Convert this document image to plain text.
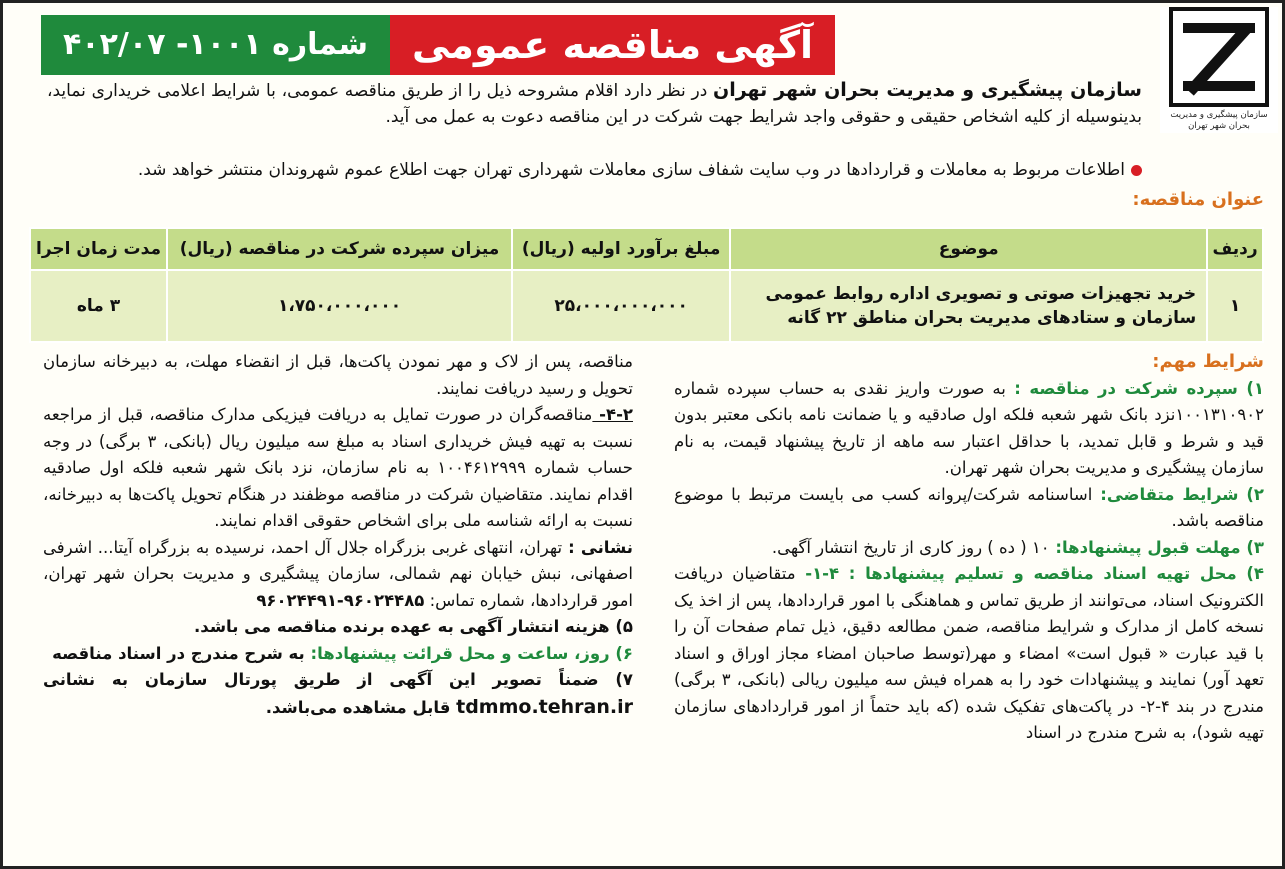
آگهی مناقصه عمومی
شماره ۱۰۰۱- ۴۰۲/۰۷
سازمان پیشگیری و مدیریت بحران شهر تهران
سازمان پیشگیری و مدیریت بحران شهر تهران در نظر دارد اقلام مشروحه ذیل را از طریق مناقصه عمومی، با شرایط اعلامی خریداری نماید، بدینوسیله از کلیه اشخاص حقیقی و حقوقی واجد شرایط جهت شرکت در این مناقصه دعوت به عمل می آید.
اطلاعات مربوط به معاملات و قراردادها در وب سایت شفاف سازی معاملات شهرداری تهران جهت اطلاع عموم شهروندان منتشر خواهد شد.
عنوان مناقصه:
ردیف	موضوع	مبلغ برآورد اولیه (ریال)	میزان سپرده شرکت در مناقصه (ریال)	مدت زمان اجرا
۱	خرید تجهیزات صوتی و تصویری اداره روابط عمومی
سازمان و ستادهای مدیریت بحران مناطق ۲۲ گانه	۲۵،۰۰۰،۰۰۰،۰۰۰	۱،۷۵۰،۰۰۰،۰۰۰	۳ ماه
شرایط مهم:
۱) سپرده شرکت در مناقصه : به صورت واریز نقدی به حساب سپرده شماره ۱۰۰۱۳۱۰۹۰۲نزد بانک شهر شعبه فلکه اول صادقیه و یا ضمانت نامه بانکی معتبر بدون قید و شرط و قابل تمدید، با حداقل اعتبار سه ماهه از تاریخ پیشنهاد قیمت، به نام سازمان پیشگیری و مدیریت بحران شهر تهران.
۲) شرایط متقاضی: اساسنامه شرکت/پروانه کسب می بایست مرتبط با موضوع مناقصه باشد.
۳) مهلت قبول پیشنهادها: ۱۰ ( ده ) روز کاری از تاریخ انتشار آگهی.
۴) محل تهیه اسناد مناقصه و تسلیم پیشنهادها : ۴-۱- متقاضیان دریافت الکترونیک اسناد، می‌توانند از طریق تماس و هماهنگی با امور قراردادها، پس از اخذ یک نسخه کامل از مدارک و شرایط مناقصه، ضمن مطالعه دقیق، ذیل تمام صفحات آن را با قید عبارت « قبول است» امضاء و مهر(توسط صاحبان امضاء مجاز اوراق و اسناد تعهد آور) نمایند و پیشنهادات خود را به همراه فیش سه میلیون ریالی (بانکی، ۳ برگی) مندرج در بند ۴-۲- در پاکت‌های تفکیک شده (که باید حتماً از امور قراردادهای سازمان تهیه شود)، به شرح مندرج در اسناد
مناقصه، پس از لاک و مهر نمودن پاکت‌ها، قبل از انقضاء مهلت، به دبیرخانه سازمان تحویل و رسید دریافت نمایند.
۴-۲- مناقصه‌گران در صورت تمایل به دریافت فیزیکی مدارک مناقصه، قبل از مراجعه نسبت به تهیه فیش خریداری اسناد به مبلغ سه میلیون ریال (بانکی، ۳ برگی) در وجه حساب شماره ۱۰۰۴۶۱۲۹۹۹ به نام سازمان، نزد بانک شهر شعبه فلکه اول صادقیه اقدام نمایند. متقاضیان شرکت در مناقصه موظفند در هنگام تحویل پاکت‌ها به دبیرخانه، نسبت به ارائه شناسه ملی برای اشخاص حقوقی اقدام نمایند.
نشانی : تهران، انتهای غربی بزرگراه جلال آل احمد، نرسیده به بزرگراه آیتا... اشرفی اصفهانی، نبش خیابان نهم شمالی، سازمان پیشگیری و مدیریت بحران شهر تهران، امور قراردادها، شماره تماس: ۹۶۰۲۴۴۸۵-۹۶۰۲۴۴۹۱
۵) هزینه انتشار آگهی به عهده برنده مناقصه می باشد.
۶) روز، ساعت و محل قرائت پیشنهادها: به شرح مندرج در اسناد مناقصه
۷) ضمناً تصویر این آگهی از طریق پورتال سازمان به نشانی tdmmo.tehran.ir قابل مشاهده می‌باشد.
